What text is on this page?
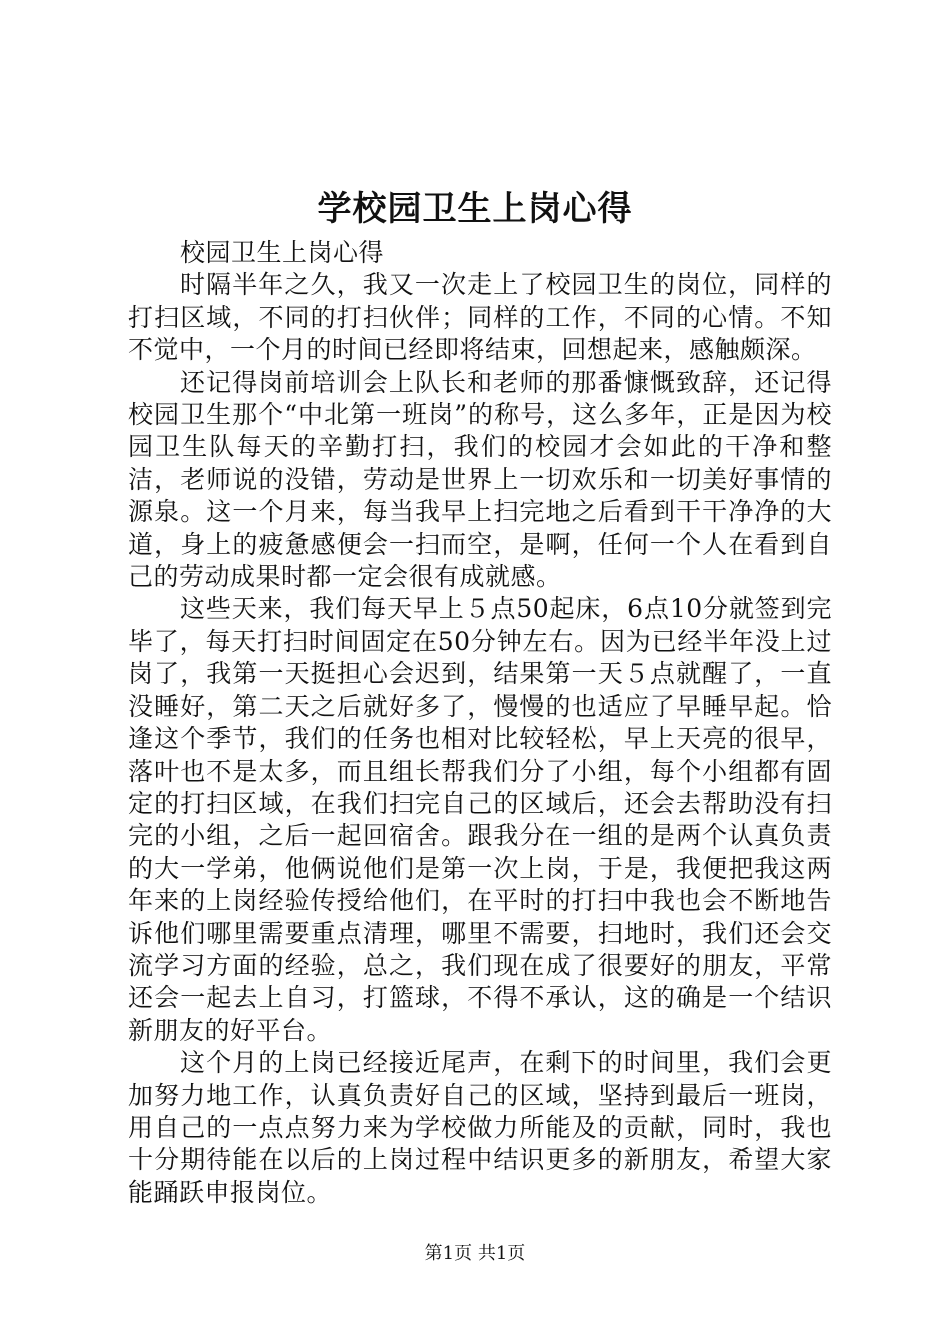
学校园卫生上岗心得

校园卫生上岗心得

时隔半年之久，我又一次走上了校园卫生的岗位，同样的打扫区域，不同的打扫伙伴；同样的工作，不同的心情。不知不觉中，一个月的时间已经即将结束，回想起来，感触颇深。

还记得岗前培训会上队长和老师的那番慷慨致辞，还记得校园卫生那个“中北第一班岗”的称号，这么多年，正是因为校园卫生队每天的辛勤打扫，我们的校园才会如此的干净和整洁，老师说的没错，劳动是世界上一切欢乐和一切美好事情的源泉。这一个月来，每当我早上扫完地之后看到干干净净的大道，身上的疲惫感便会一扫而空，是啊，任何一个人在看到自己的劳动成果时都一定会很有成就感。

这些天来，我们每天早上５点50起床，6点10分就签到完毕了，每天打扫时间固定在50分钟左右。因为已经半年没上过岗了，我第一天挺担心会迟到，结果第一天５点就醒了，一直没睡好，第二天之后就好多了，慢慢的也适应了早睡早起。恰逢这个季节，我们的任务也相对比较轻松，早上天亮的很早，落叶也不是太多，而且组长帮我们分了小组，每个小组都有固定的打扫区域，在我们扫完自己的区域后，还会去帮助没有扫完的小组，之后一起回宿舍。跟我分在一组的是两个认真负责的大一学弟，他俩说他们是第一次上岗，于是，我便把我这两年来的上岗经验传授给他们，在平时的打扫中我也会不断地告诉他们哪里需要重点清理，哪里不需要，扫地时，我们还会交流学习方面的经验，总之，我们现在成了很要好的朋友，平常还会一起去上自习，打篮球，不得不承认，这的确是一个结识新朋友的好平台。

这个月的上岗已经接近尾声，在剩下的时间里，我们会更加努力地工作，认真负责好自己的区域，坚持到最后一班岗，用自己的一点点努力来为学校做力所能及的贡献，同时，我也十分期待能在以后的上岗过程中结识更多的新朋友，希望大家能踊跃申报岗位。

第1页 共1页
